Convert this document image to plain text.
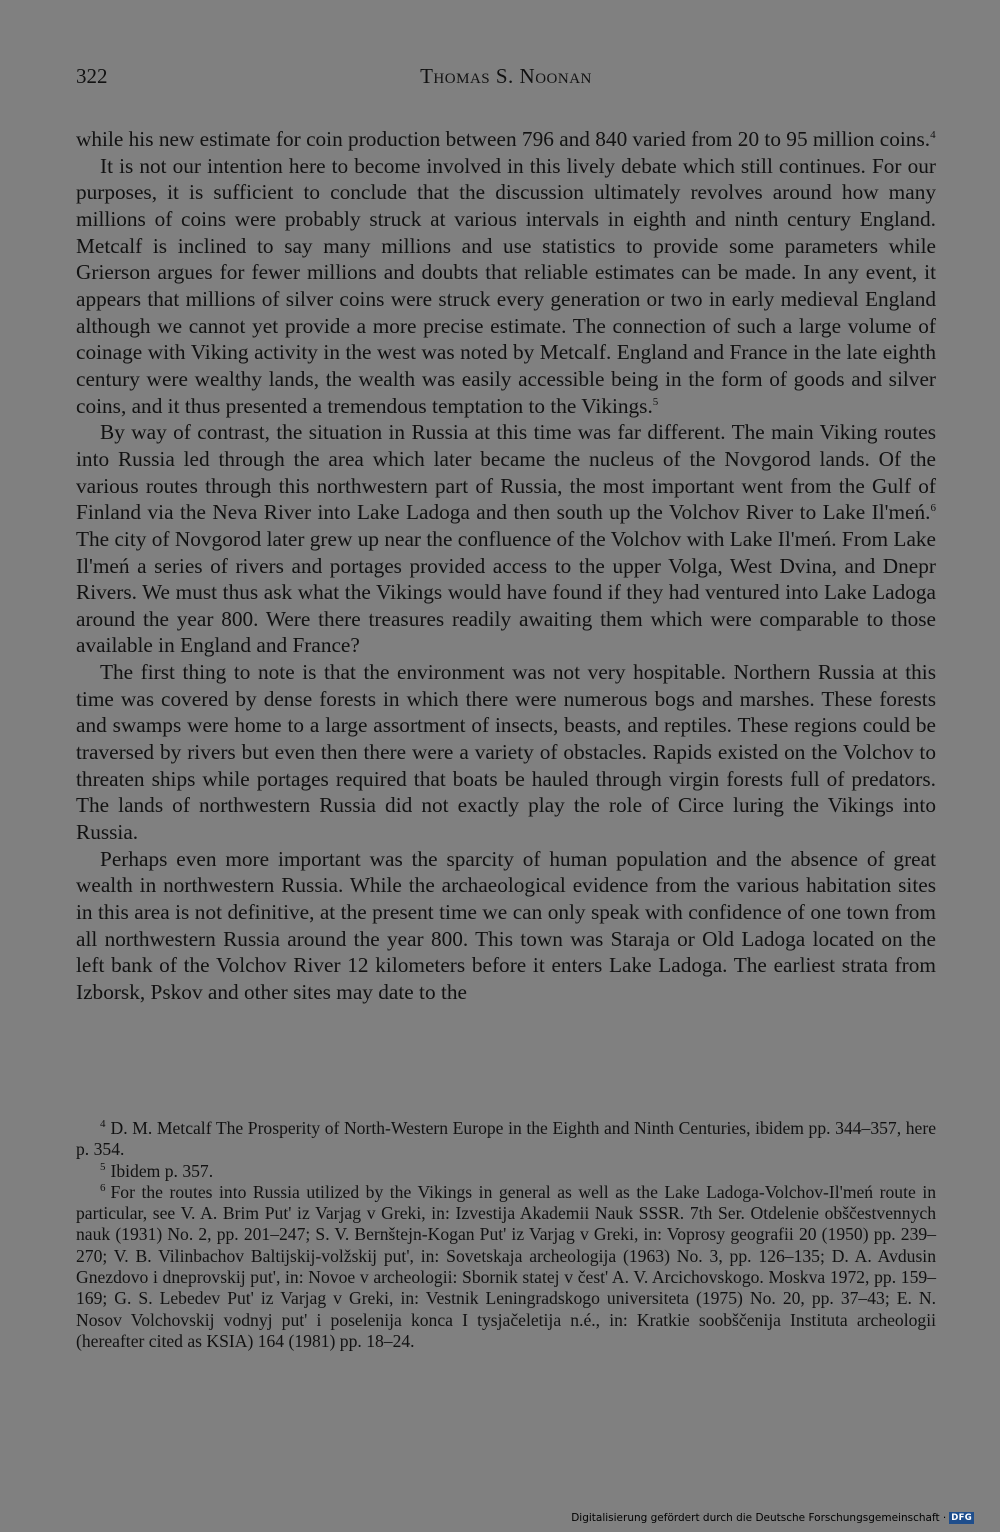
322	Thomas S. Noonan

while his new estimate for coin production between 796 and 840 varied from 20 to 95 million coins.$^4$

It is not our intention here to become involved in this lively debate which still continues. For our purposes, it is sufficient to conclude that the discussion ultimately revolves around how many millions of coins were probably struck at various intervals in eighth and ninth century England. Metcalf is inclined to say many millions and use statistics to provide some parameters while Grierson argues for fewer millions and doubts that reliable estimates can be made. In any event, it appears that millions of silver coins were struck every generation or two in early medieval England although we cannot yet provide a more precise estimate. The connection of such a large volume of coinage with Viking activity in the west was noted by Metcalf. England and France in the late eighth century were wealthy lands, the wealth was easily accessible being in the form of goods and silver coins, and it thus presented a tremendous temptation to the Vikings.$^5$

By way of contrast, the situation in Russia at this time was far different. The main Viking routes into Russia led through the area which later became the nucleus of the Novgorod lands. Of the various routes through this northwestern part of Russia, the most important went from the Gulf of Finland via the Neva River into Lake Ladoga and then south up the Volchov River to Lake Il'meń.$^6$ The city of Novgorod later grew up near the confluence of the Volchov with Lake Il'meń. From Lake Il'meń a series of rivers and portages provided access to the upper Volga, West Dvina, and Dnepr Rivers. We must thus ask what the Vikings would have found if they had ventured into Lake Ladoga around the year 800. Were there treasures readily awaiting them which were comparable to those available in England and France?

The first thing to note is that the environment was not very hospitable. Northern Russia at this time was covered by dense forests in which there were numerous bogs and marshes. These forests and swamps were home to a large assortment of insects, beasts, and reptiles. These regions could be traversed by rivers but even then there were a variety of obstacles. Rapids existed on the Volchov to threaten ships while portages required that boats be hauled through virgin forests full of predators. The lands of northwestern Russia did not exactly play the role of Circe luring the Vikings into Russia.

Perhaps even more important was the sparcity of human population and the absence of great wealth in northwestern Russia. While the archaeological evidence from the various habitation sites in this area is not definitive, at the present time we can only speak with confidence of one town from all northwestern Russia around the year 800. This town was Staraja or Old Ladoga located on the left bank of the Volchov River 12 kilometers before it enters Lake Ladoga. The earliest strata from Izborsk, Pskov and other sites may date to the

$^4$ D. M. Metcalf The Prosperity of North-Western Europe in the Eighth and Ninth Centuries, ibidem pp. 344–357, here p. 354.

$^5$ Ibidem p. 357.

$^6$ For the routes into Russia utilized by the Vikings in general as well as the Lake Ladoga-Volchov-Il'meń route in particular, see V. A. Brim Put' iz Varjag v Greki, in: Izvestija Akademii Nauk SSSR. 7th Ser. Otdelenie obščestvennych nauk (1931) No. 2, pp. 201–247; S. V. Bernštejn-Kogan Put' iz Varjag v Greki, in: Voprosy geografii 20 (1950) pp. 239–270; V. B. Vilinbachov Baltijskij-volžskij put', in: Sovetskaja archeologija (1963) No. 3, pp. 126–135; D. A. Avdusin Gnezdovo i dneprovskij put', in: Novoe v archeologii: Sbornik statej v čest' A. V. Arcichovskogo. Moskva 1972, pp. 159–169; G. S. Lebedev Put' iz Varjag v Greki, in: Vestnik Leningradskogo universiteta (1975) No. 20, pp. 37–43; E. N. Nosov Volchovskij vodnyj put' i poselenija konca I tysjačeletija n.é., in: Kratkie soobščenija Instituta archeologii (hereafter cited as KSIA) 164 (1981) pp. 18–24.

Digitalisierung gefördert durch die Deutsche Forschungsgemeinschaft · DFG
